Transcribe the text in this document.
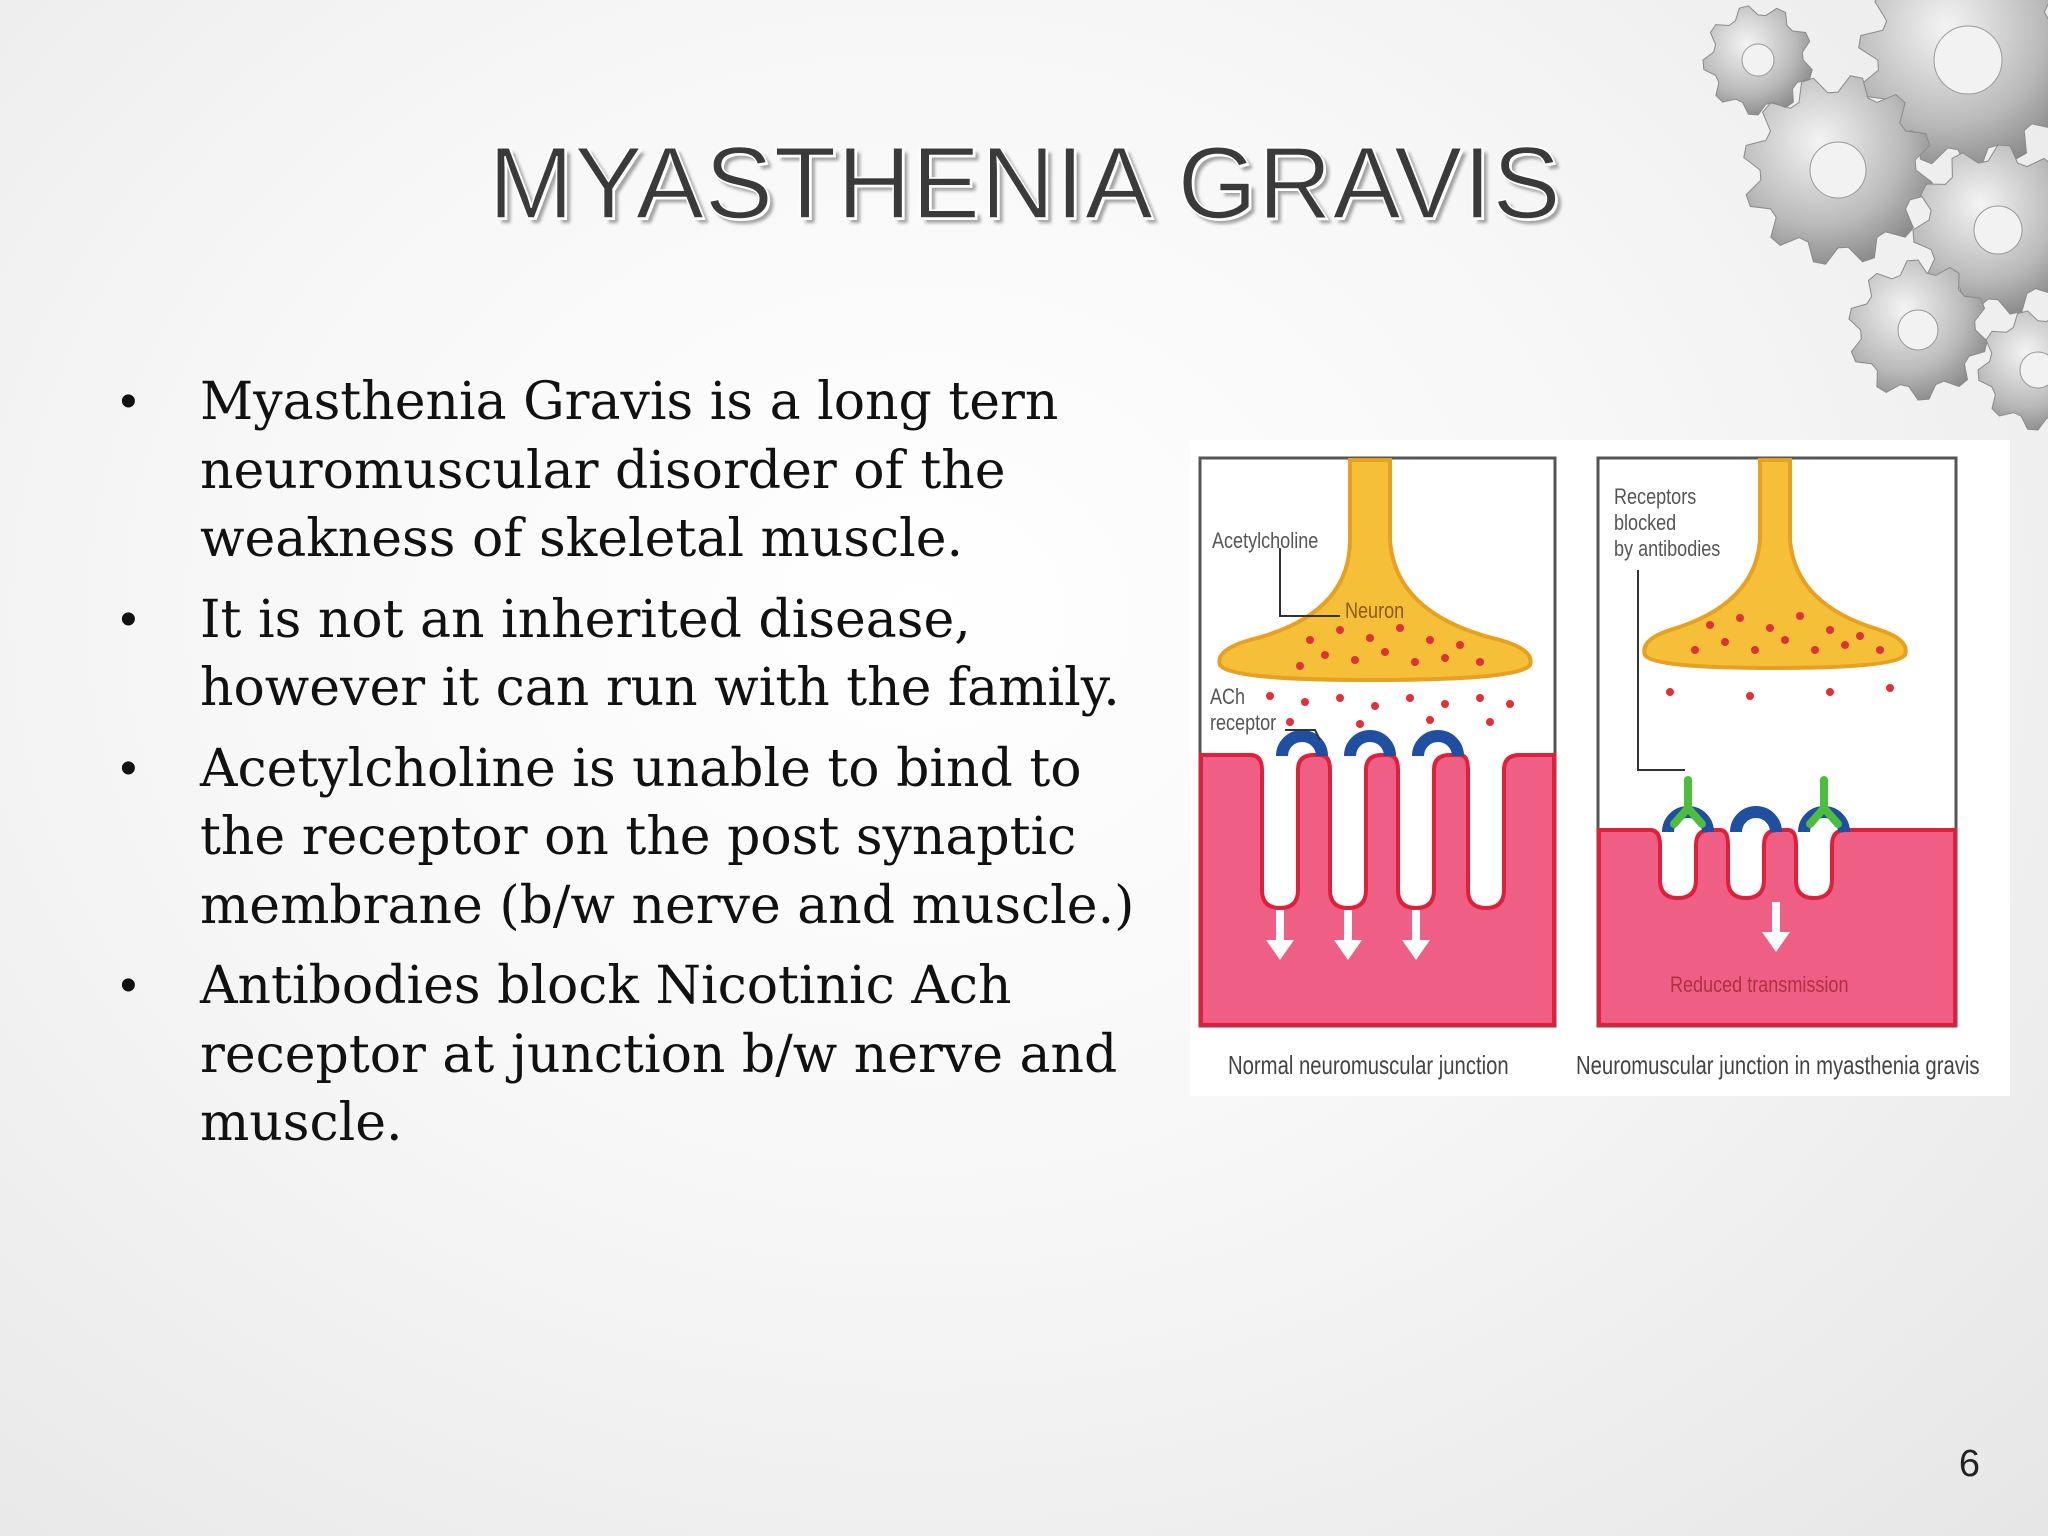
MYASTHENIA GRAVIS
• Myasthenia Gravis is a long tern neuromuscular disorder of the weakness of skeletal muscle.
• It is not an inherited disease, however it can run with the family.
• Acetylcholine is unable to bind to the receptor on the post synaptic membrane (b/w nerve and muscle.)
• Antibodies block Nicotinic Ach receptor at junction b/w nerve and muscle.
Acetylcholine
Neuron
ACh
receptor
Receptors
blocked
by antibodies
Reduced transmission
Normal neuromuscular junction	Neuromuscular junction in myasthenia gravis
6
